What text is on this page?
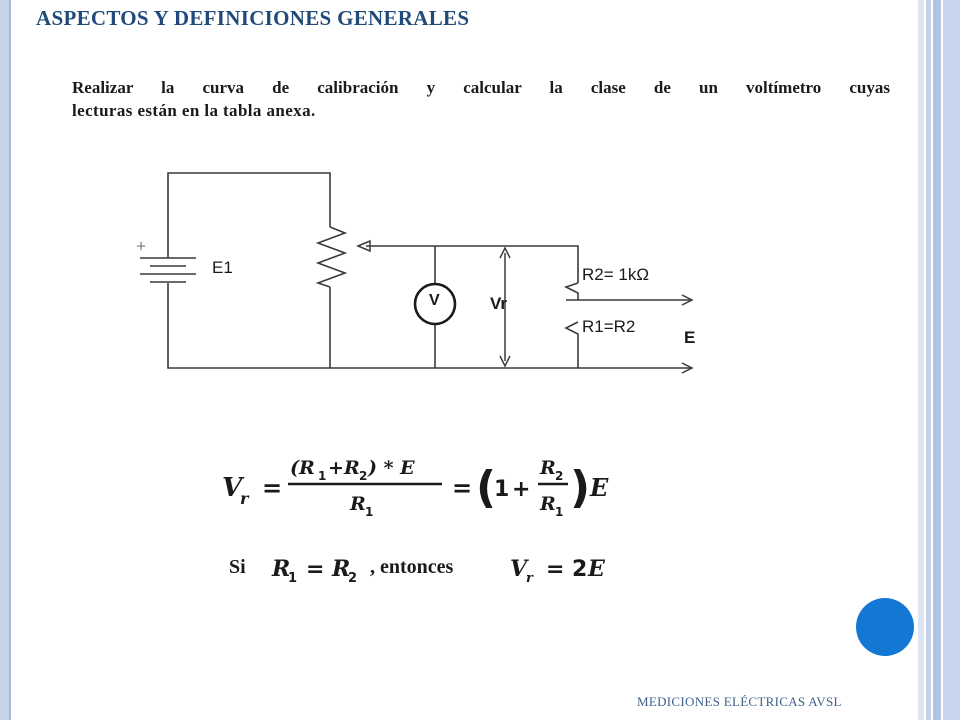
ASPECTOS Y DEFINICIONES GENERALES
Realizar la curva de calibración y calcular la clase de un voltímetro cuyas
lecturas están en la tabla anexa.
+
E1
V	Vr
R2= 1kΩ
R1=R2
E
V
r =
(R 1 + R 2 ) * E
R 1
= (
1 +
R 2
R 1 ) E
Si R
1 = R
2
, entonces	V
r = 2 E
MEDICIONES ELÉCTRICAS AVSL
